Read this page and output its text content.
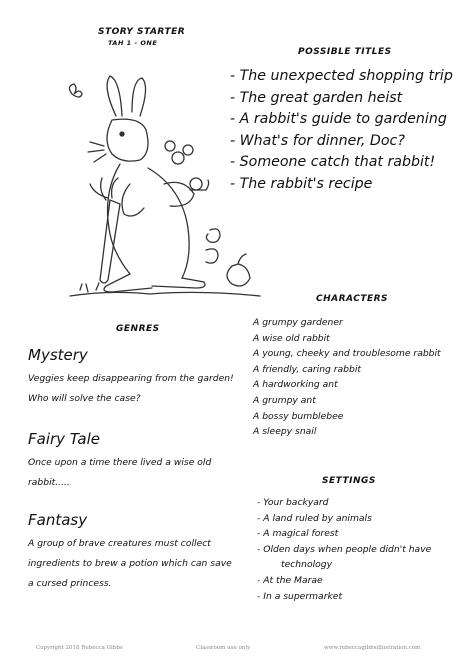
STORY STARTER
TAH 1 - ONE
POSSIBLE TITLES
- The unexpected shopping trip
- The great garden heist
- A rabbit's guide to gardening
- What's for dinner, Doc?
- Someone catch that rabbit!
- The rabbit's recipe
CHARACTERS
A grumpy gardener
A wise old rabbit
A young, cheeky and troublesome rabbit
A friendly, caring rabbit
A hardworking ant
A grumpy ant
A bossy bumblebee
A sleepy snail
GENRES
Mystery
Veggies keep disappearing from the garden!
Who will solve the case?
Fairy Tale
Once upon a time there lived a wise old
rabbit.....
Fantasy
A group of brave creatures must collect
ingredients to brew a potion which can save
a cursed princess.
SETTINGS
- Your backyard
- A land ruled by animals
- A magical forest
- Olden days when people didn't have
technology
- At the Marae
- In a supermarket
Copyright 2018 Rebecca Gibbs	Classroom use only	www.rebeccagibbsillustration.com
